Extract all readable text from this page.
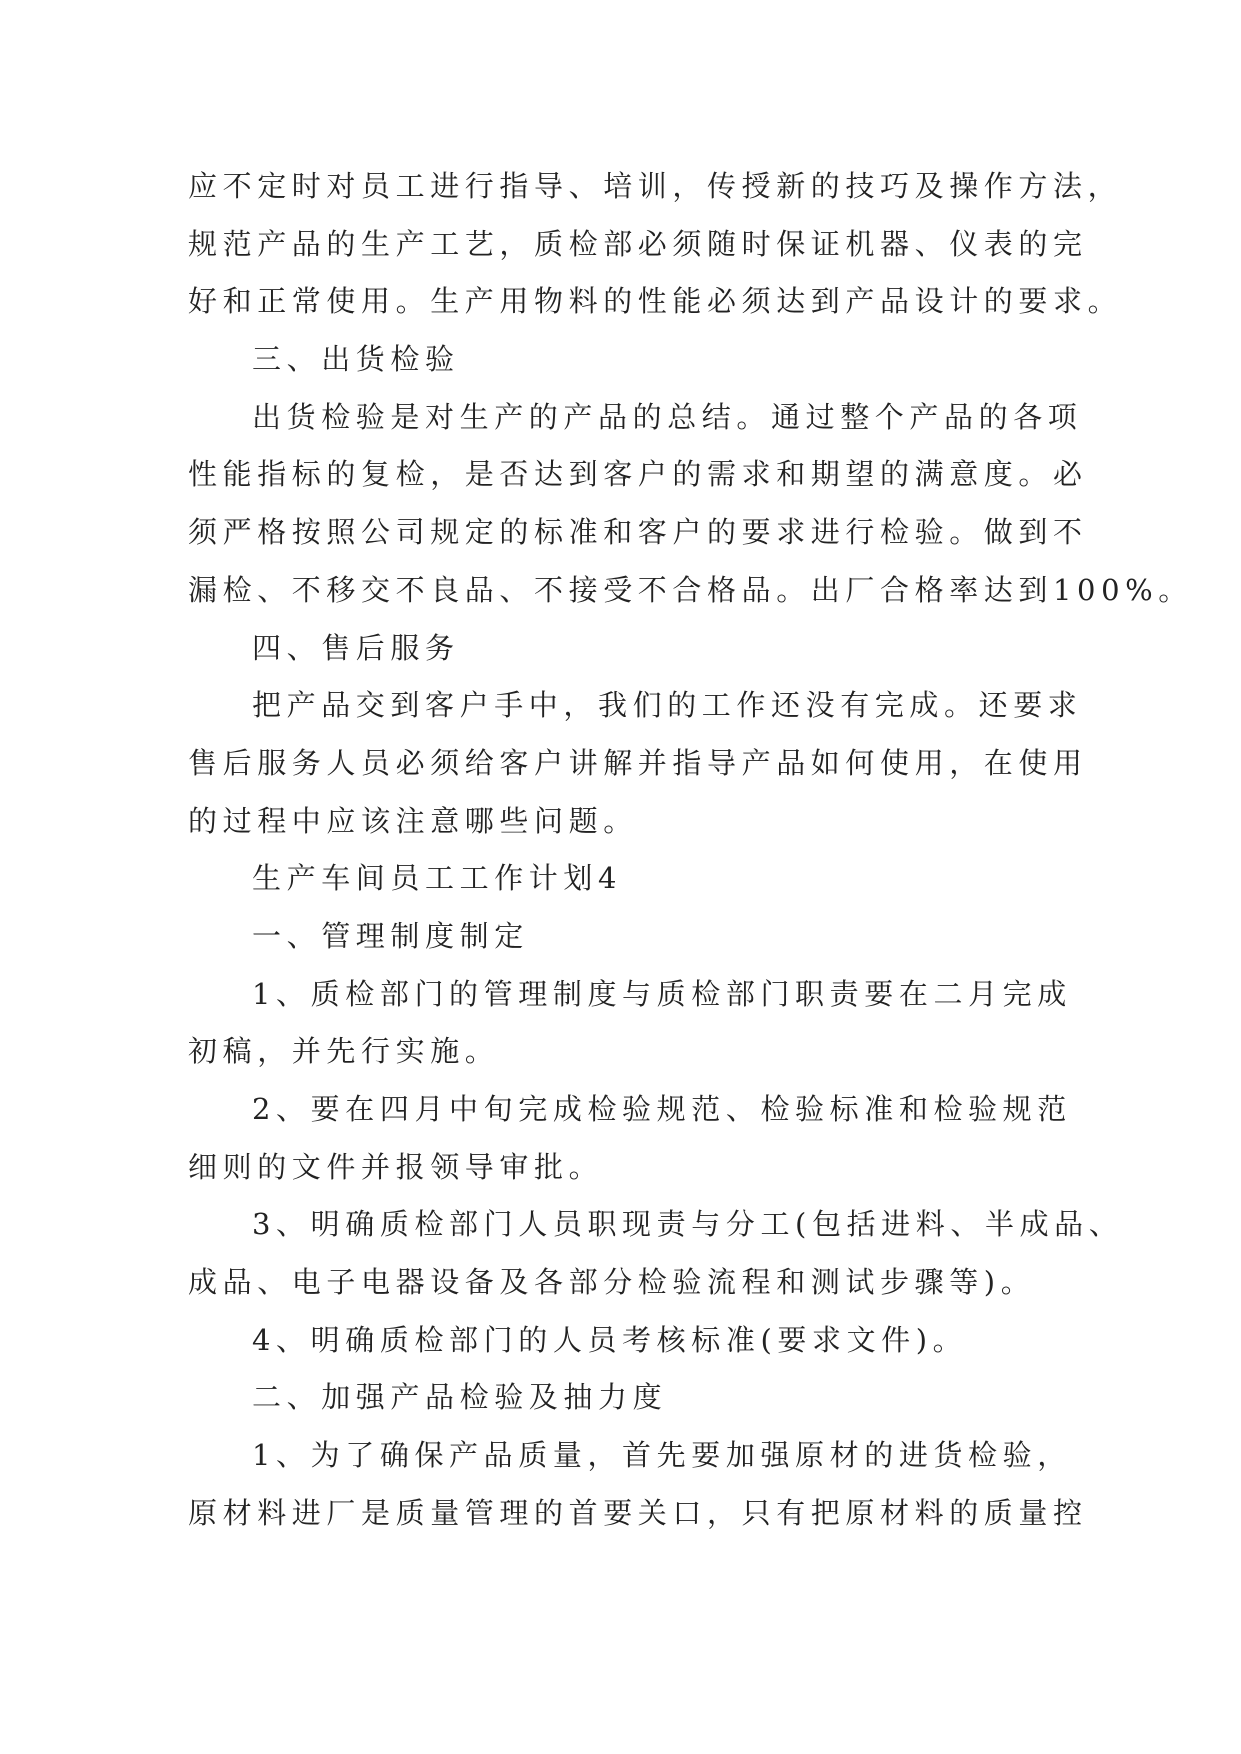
应不定时对员工进行指导、培训，传授新的技巧及操作方法，
规范产品的生产工艺，质检部必须随时保证机器、仪表的完
好和正常使用。生产用物料的性能必须达到产品设计的要求。
三、出货检验
出货检验是对生产的产品的总结。通过整个产品的各项
性能指标的复检，是否达到客户的需求和期望的满意度。必
须严格按照公司规定的标准和客户的要求进行检验。做到不
漏检、不移交不良品、不接受不合格品。出厂合格率达到100%。
四、售后服务
把产品交到客户手中，我们的工作还没有完成。还要求
售后服务人员必须给客户讲解并指导产品如何使用，在使用
的过程中应该注意哪些问题。
生产车间员工工作计划4
一、管理制度制定
1、质检部门的管理制度与质检部门职责要在二月完成
初稿，并先行实施。
2、要在四月中旬完成检验规范、检验标准和检验规范
细则的文件并报领导审批。
3、明确质检部门人员职现责与分工(包括进料、半成品、
成品、电子电器设备及各部分检验流程和测试步骤等)。
4、明确质检部门的人员考核标准(要求文件)。
二、加强产品检验及抽力度
1、为了确保产品质量，首先要加强原材的进货检验，
原材料进厂是质量管理的首要关口，只有把原材料的质量控
